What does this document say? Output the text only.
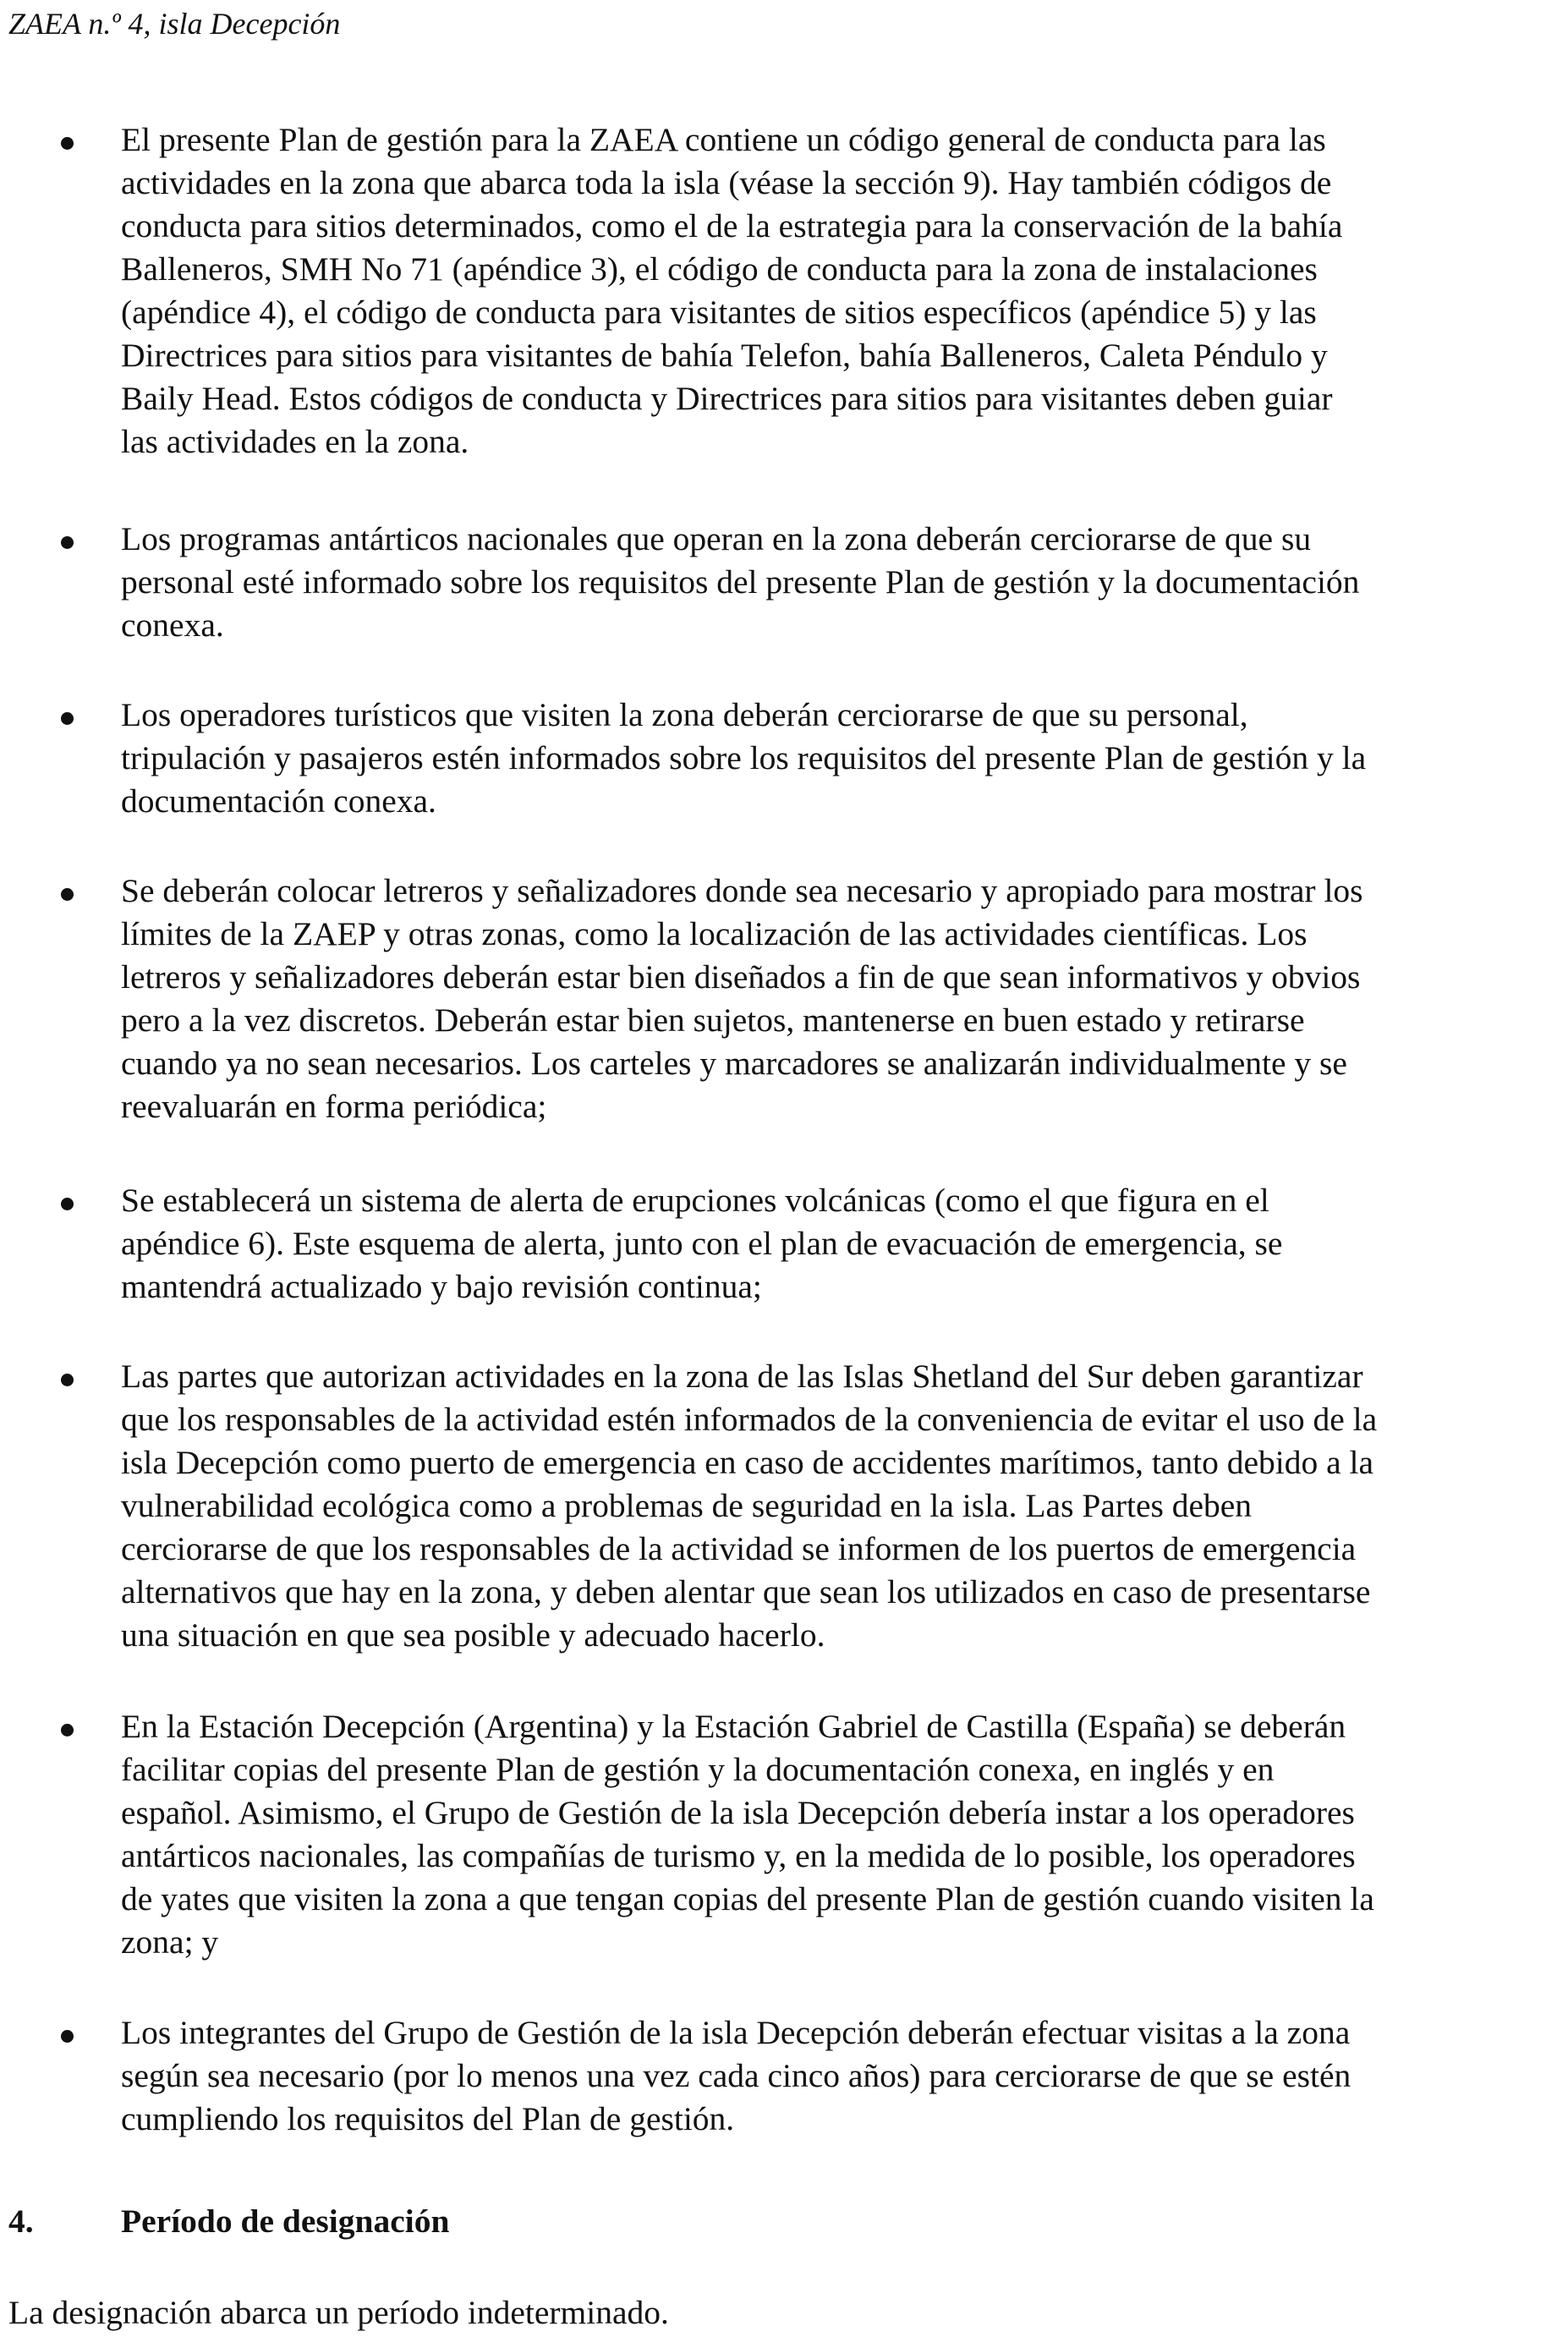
ZAEA n.º 4, isla Decepción
El presente Plan de gestión para la ZAEA contiene un código general de conducta para las
actividades en la zona que abarca toda la isla (véase la sección 9). Hay también códigos de
conducta para sitios determinados, como el de la estrategia para la conservación de la bahía
Balleneros, SMH No 71 (apéndice 3), el código de conducta para la zona de instalaciones
(apéndice 4), el código de conducta para visitantes de sitios específicos (apéndice 5) y las
Directrices para sitios para visitantes de bahía Telefon, bahía Balleneros, Caleta Péndulo y
Baily Head. Estos códigos de conducta y Directrices para sitios para visitantes deben guiar
las actividades en la zona.
Los programas antárticos nacionales que operan en la zona deberán cerciorarse de que su
personal esté informado sobre los requisitos del presente Plan de gestión y la documentación
conexa.
Los operadores turísticos que visiten la zona deberán cerciorarse de que su personal,
tripulación y pasajeros estén informados sobre los requisitos del presente Plan de gestión y la
documentación conexa.
Se deberán colocar letreros y señalizadores donde sea necesario y apropiado para mostrar los
límites de la ZAEP y otras zonas, como la localización de las actividades científicas. Los
letreros y señalizadores deberán estar bien diseñados a fin de que sean informativos y obvios
pero a la vez discretos. Deberán estar bien sujetos, mantenerse en buen estado y retirarse
cuando ya no sean necesarios. Los carteles y marcadores se analizarán individualmente y se
reevaluarán en forma periódica;
Se establecerá un sistema de alerta de erupciones volcánicas (como el que figura en el
apéndice 6). Este esquema de alerta, junto con el plan de evacuación de emergencia, se
mantendrá actualizado y bajo revisión continua;
Las partes que autorizan actividades en la zona de las Islas Shetland del Sur deben garantizar
que los responsables de la actividad estén informados de la conveniencia de evitar el uso de la
isla Decepción como puerto de emergencia en caso de accidentes marítimos, tanto debido a la
vulnerabilidad ecológica como a problemas de seguridad en la isla. Las Partes deben
cerciorarse de que los responsables de la actividad se informen de los puertos de emergencia
alternativos que hay en la zona, y deben alentar que sean los utilizados en caso de presentarse
una situación en que sea posible y adecuado hacerlo.
En la Estación Decepción (Argentina) y la Estación Gabriel de Castilla (España) se deberán
facilitar copias del presente Plan de gestión y la documentación conexa, en inglés y en
español. Asimismo, el Grupo de Gestión de la isla Decepción debería instar a los operadores
antárticos nacionales, las compañías de turismo y, en la medida de lo posible, los operadores
de yates que visiten la zona a que tengan copias del presente Plan de gestión cuando visiten la
zona; y
Los integrantes del Grupo de Gestión de la isla Decepción deberán efectuar visitas a la zona
según sea necesario (por lo menos una vez cada cinco años) para cerciorarse de que se estén
cumpliendo los requisitos del Plan de gestión.
4.	Período de designación
La designación abarca un período indeterminado.
